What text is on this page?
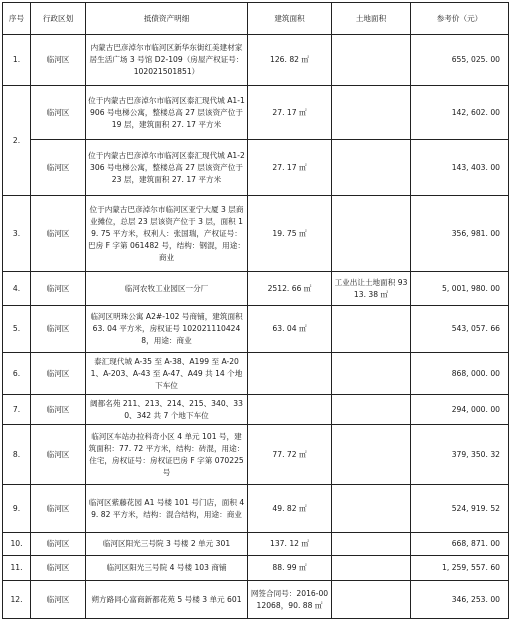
序号	行政区划	抵债资产明细	建筑面积	土地面积	参考价（元）
1.	临河区	内蒙古巴彦淖尔市临河区新华东街红美建材家居生活广场 3 号馆 D2-109（房屋产权证号：102021501851）	126. 82 ㎡		655, 025. 00
2.	临河区	位于内蒙古巴彦淖尔市临河区泰汇现代城 A1-1906 号电梯公寓，整楼总高 27 层该资产位于 19 层，建筑面积 27. 17 平方米	27. 17 ㎡		142, 602. 00
	临河区	位于内蒙古巴彦淖尔市临河区泰汇现代城 A1-2306 号电梯公寓，整楼总高 27 层该资产位于 23 层，建筑面积 27. 17 平方米	27. 17 ㎡		143, 403. 00
3.	临河区	位于内蒙古巴彦淖尔市临河区亚宁大厦 3 层商业摊位，总层 23 层该资产位于 3 层，面积 19. 75 平方米，权利人：张国瑞，产权证号：巴房 F 字第 061482 号，结构：钢混，用途：商业	19. 75 ㎡		356, 981. 00
4.	临河区	临河农牧工业园区一分厂	2512. 66 ㎡	工业出让土地面积 9313. 38 ㎡	5, 001, 980. 00
5.	临河区	临河区明珠公寓 A2#-102 号商铺，建筑面积 63. 04 平方米，房权证号 1020211104248，用途：商业	63. 04 ㎡		543, 057. 66
6.	临河区	泰汇现代城 A-35 至 A-38、A199 至 A-201、A-203、A-43 至 A-47、A49 共 14 个地下车位			868, 000. 00
7.	临河区	阔都名苑 211、213、214、215、340、330、342 共 7 个地下车位			294, 000. 00
8.	临河区	临河区车站办拉科奇小区 4 单元 101 号，建筑面积：77. 72 平方米，结构：砖混，用途：住宅，房权证号：房权证巴房 F 字第 070225 号	77. 72 ㎡		379, 350. 32
9.	临河区	临河区紫藤花园 A1 号楼 101 号门店，面积 49. 82 平方米，结构：混合结构，用途：商业	49. 82 ㎡		524, 919. 52
10.	临河区	临河区阳光三号院 3 号楼 2 单元 301	137. 12 ㎡		668, 871. 00
11.	临河区	临河区阳光三号院 4 号楼 103 商铺	88. 99 ㎡		1, 259, 557. 60
12.	临河区	朔方路同心富商新都花苑 5 号楼 3 单元 601	网签合同号：2016-0012068，90. 88 ㎡		346, 253. 00
